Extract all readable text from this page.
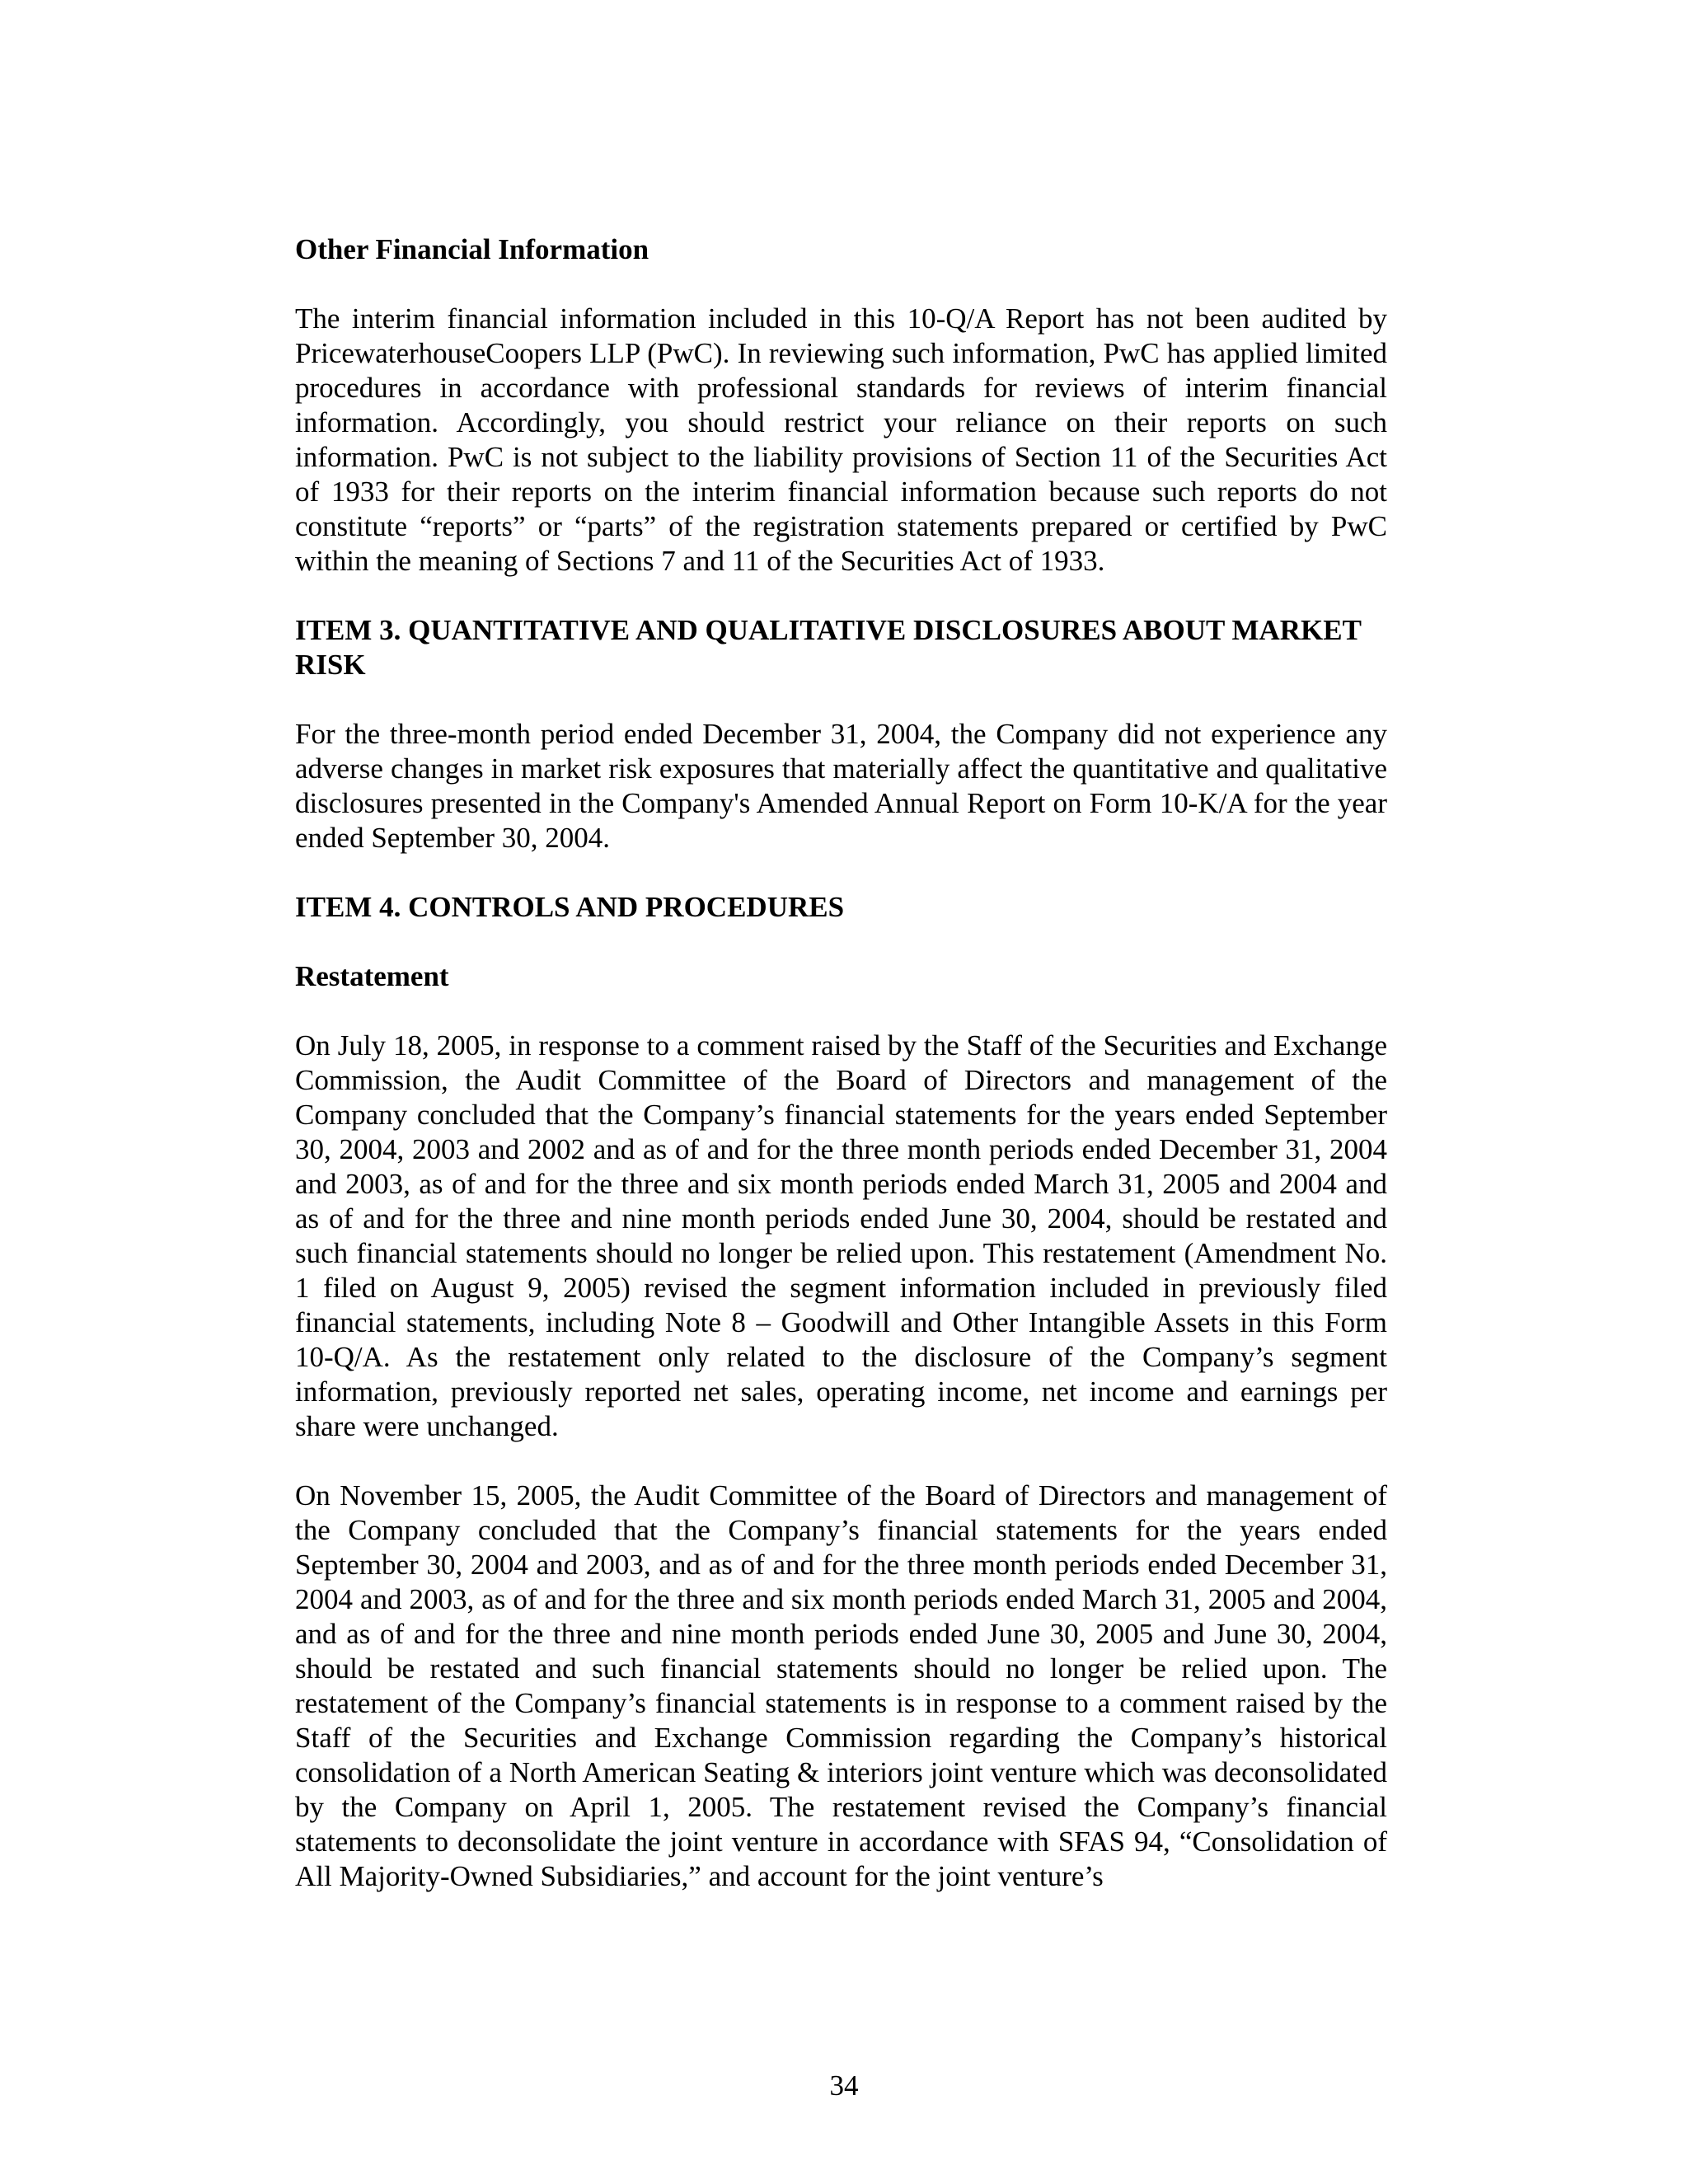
Other Financial Information

The interim financial information included in this 10-Q/A Report has not been audited by PricewaterhouseCoopers LLP (PwC). In reviewing such information, PwC has applied limited procedures in accordance with professional standards for reviews of interim financial information. Accordingly, you should restrict your reliance on their reports on such information. PwC is not subject to the liability provisions of Section 11 of the Securities Act of 1933 for their reports on the interim financial information because such reports do not constitute “reports” or “parts” of the registration statements prepared or certified by PwC within the meaning of Sections 7 and 11 of the Securities Act of 1933.

ITEM 3. QUANTITATIVE AND QUALITATIVE DISCLOSURES ABOUT MARKET RISK

For the three-month period ended December 31, 2004, the Company did not experience any adverse changes in market risk exposures that materially affect the quantitative and qualitative disclosures presented in the Company's Amended Annual Report on Form 10-K/A for the year ended September 30, 2004.

ITEM 4. CONTROLS AND PROCEDURES
Restatement

On July 18, 2005, in response to a comment raised by the Staff of the Securities and Exchange Commission, the Audit Committee of the Board of Directors and management of the Company concluded that the Company’s financial statements for the years ended September 30, 2004, 2003 and 2002 and as of and for the three month periods ended December 31, 2004 and 2003, as of and for the three and six month periods ended March 31, 2005 and 2004 and as of and for the three and nine month periods ended June 30, 2004, should be restated and such financial statements should no longer be relied upon. This restatement (Amendment No. 1 filed on August 9, 2005) revised the segment information included in previously filed financial statements, including Note 8 – Goodwill and Other Intangible Assets in this Form 10-Q/A. As the restatement only related to the disclosure of the Company’s segment information, previously reported net sales, operating income, net income and earnings per share were unchanged.

On November 15, 2005, the Audit Committee of the Board of Directors and management of the Company concluded that the Company’s financial statements for the years ended September 30, 2004 and 2003, and as of and for the three month periods ended December 31, 2004 and 2003, as of and for the three and six month periods ended March 31, 2005 and 2004, and as of and for the three and nine month periods ended June 30, 2005 and June 30, 2004, should be restated and such financial statements should no longer be relied upon. The restatement of the Company’s financial statements is in response to a comment raised by the Staff of the Securities and Exchange Commission regarding the Company’s historical consolidation of a North American Seating & interiors joint venture which was deconsolidated by the Company on April 1, 2005. The restatement revised the Company’s financial statements to deconsolidate the joint venture in accordance with SFAS 94, “Consolidation of All Majority-Owned Subsidiaries,” and account for the joint venture’s

34
